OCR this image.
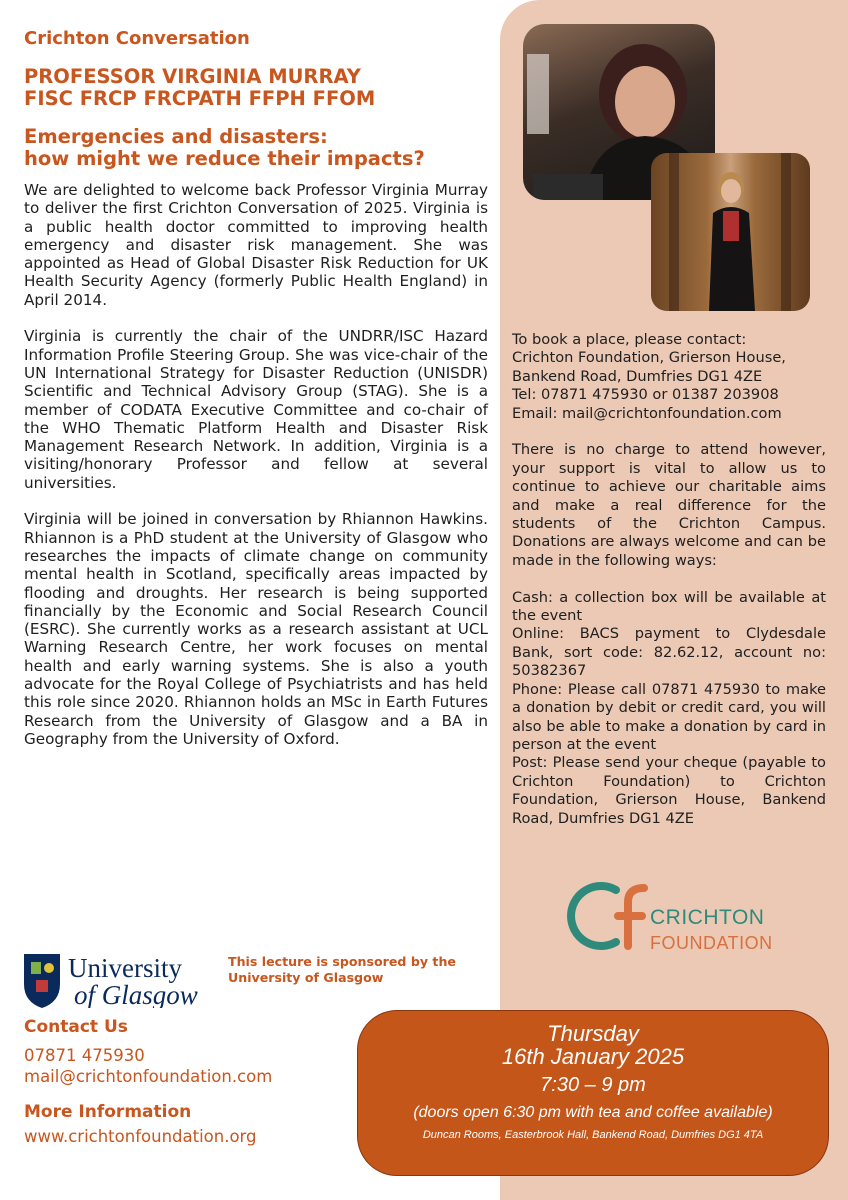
Crichton Conversation
PROFESSOR VIRGINIA MURRAY
FISC FRCP FRCPATH FFPH FFOM
Emergencies and disasters:
how might we reduce their impacts?

We are delighted to welcome back Professor Virginia Murray to deliver the first Crichton Conversation of 2025. Virginia is a public health doctor committed to improving health emergency and disaster risk management. She was appointed as Head of Global Disaster Risk Reduction for UK Health Security Agency (formerly Public Health England) in April 2014.

Virginia is currently the chair of the UNDRR/ISC Hazard Information Profile Steering Group. She was vice-chair of the UN International Strategy for Disaster Reduction (UNISDR) Scientific and Technical Advisory Group (STAG). She is a member of CODATA Executive Committee and co-chair of the WHO Thematic Platform Health and Disaster Risk Management Research Network. In addition, Virginia is a visiting/honorary Professor and fellow at several universities.

Virginia will be joined in conversation by Rhiannon Hawkins. Rhiannon is a PhD student at the University of Glasgow who researches the impacts of climate change on community mental health in Scotland, specifically areas impacted by flooding and droughts. Her research is being supported financially by the Economic and Social Research Council (ESRC). She currently works as a research assistant at UCL Warning Research Centre, her work focuses on mental health and early warning systems. She is also a youth advocate for the Royal College of Psychiatrists and has held this role since 2020. Rhiannon holds an MSc in Earth Futures Research from the University of Glasgow and a BA in Geography from the University of Oxford.

To book a place, please contact:
Crichton Foundation, Grierson House,
Bankend Road, Dumfries DG1 4ZE
Tel: 07871 475930 or 01387 203908
Email: mail@crichtonfoundation.com

There is no charge to attend however, your support is vital to allow us to continue to achieve our charitable aims and make a real difference for the students of the Crichton Campus. Donations are always welcome and can be made in the following ways:

Cash: a collection box will be available at the event
Online: BACS payment to Clydesdale Bank, sort code: 82.62.12, account no: 50382367
Phone: Please call 07871 475930 to make a donation by debit or credit card, you will also be able to make a donation by card in person at the event
Post: Please send your cheque (payable to Crichton Foundation) to Crichton Foundation, Grierson House, Bankend Road, Dumfries DG1 4ZE
CRICHTON
FOUNDATION
University
of Glasgow
This lecture is sponsored by the
University of Glasgow
Contact Us
07871 475930
mail@crichtonfoundation.com
More Information
www.crichtonfoundation.org
Thursday
16th January 2025
7:30 – 9 pm
(doors open 6:30 pm with tea and coffee available)
Duncan Rooms, Easterbrook Hall, Bankend Road, Dumfries DG1 4TA
